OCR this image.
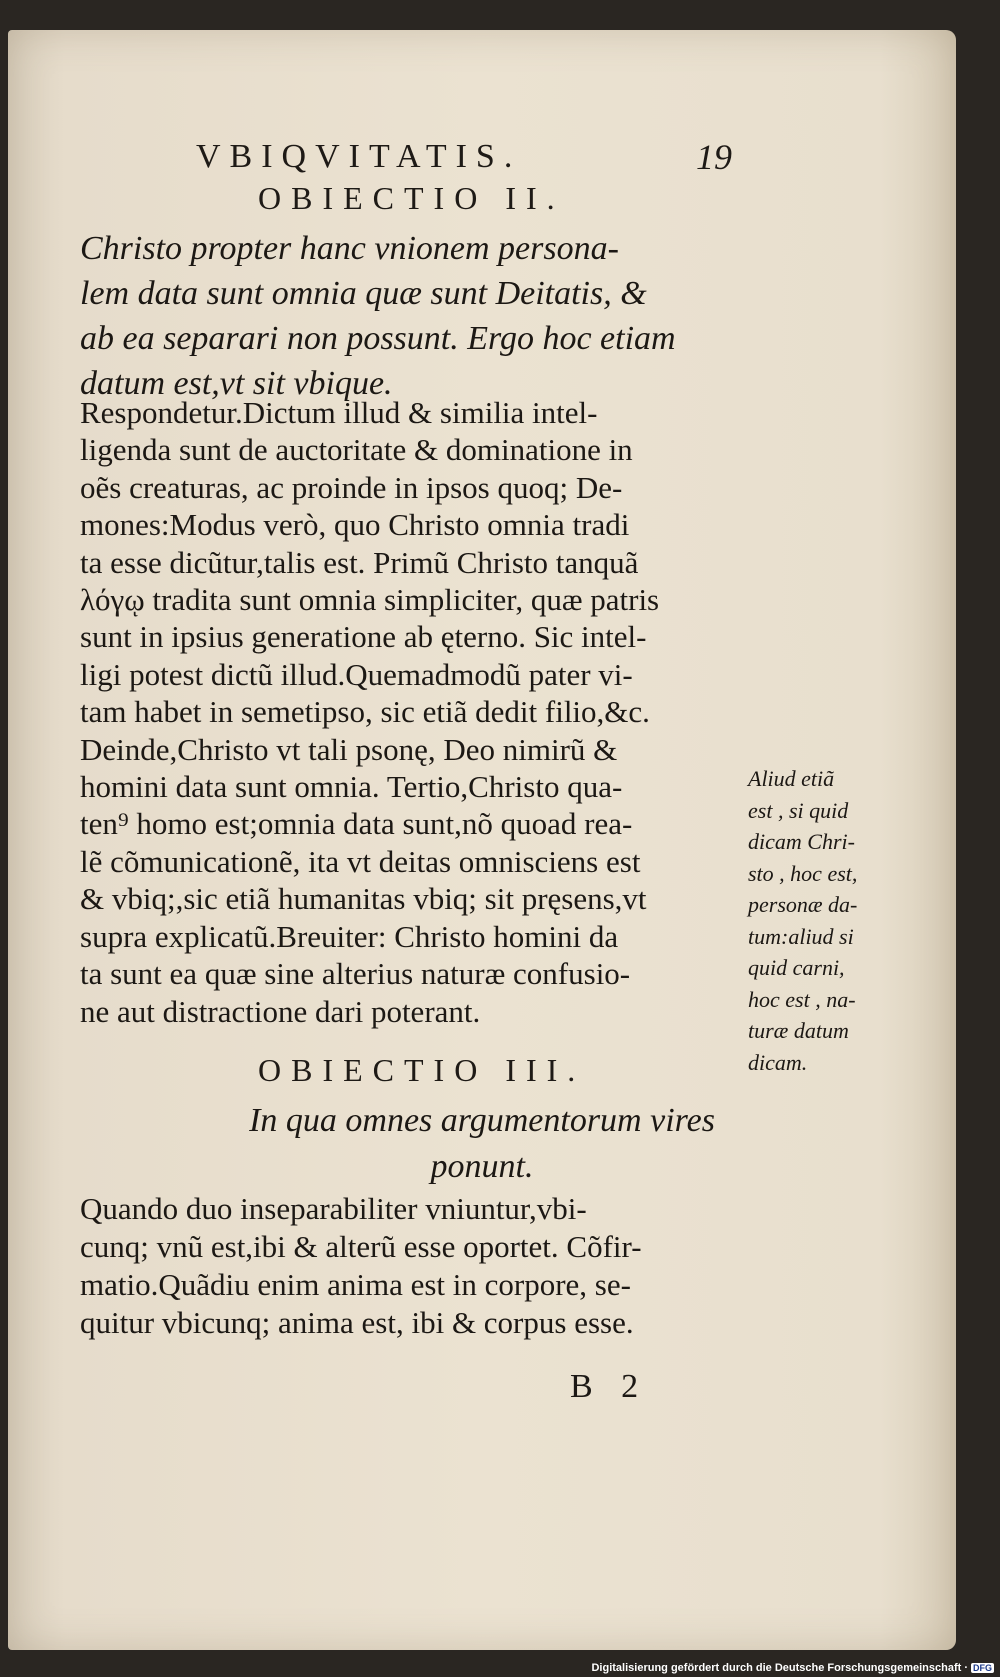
VBIQVITATIS.	19
OBIECTIO II.
Christo propter hanc vnionem persona-
lem data sunt omnia quæ sunt Deitatis, &
ab ea separari non possunt. Ergo hoc etiam
datum est,vt sit vbique.
Respondetur.Dictum illud & similia intel-
ligenda sunt de auctoritate & dominatione in
oẽs creaturas, ac proinde in ipsos quoq; De-
mones:Modus verò, quo Christo omnia tradi
ta esse dicũtur,talis est. Primũ Christo tanquã
λόγῳ tradita sunt omnia simpliciter, quæ patris
sunt in ipsius generatione ab ęterno. Sic intel-
ligi potest dictũ illud.Quemadmodũ pater vi-
tam habet in semetipso, sic etiã dedit filio,&c.
Deinde,Christo vt tali psonę, Deo nimirũ &
homini data sunt omnia. Tertio,Christo qua-
ten⁹ homo est;omnia data sunt,nõ quoad rea-
lẽ cõmunicationẽ, ita vt deitas omnisciens est
& vbiq;,sic etiã humanitas vbiq; sit pręsens,vt
supra explicatũ.Breuiter: Christo homini da
ta sunt ea quæ sine alterius naturæ confusio-
ne aut distractione dari poterant.
Aliud etiã
est , si quid
dicam Chri-
sto , hoc est,
personæ da-
tum:aliud si
quid carni,
hoc est , na-
turæ datum
dicam.
OBIECTIO III.
In qua omnes argumentorum vires
ponunt.
Quando duo inseparabiliter vniuntur,vbi-
cunq; vnũ est,ibi & alterũ esse oportet. Cõfir-
matio.Quãdiu enim anima est in corpore, se-
quitur vbicunq; anima est, ibi & corpus esse.
B 2
Digitalisierung gefördert durch die Deutsche Forschungsgemeinschaft · DFG
